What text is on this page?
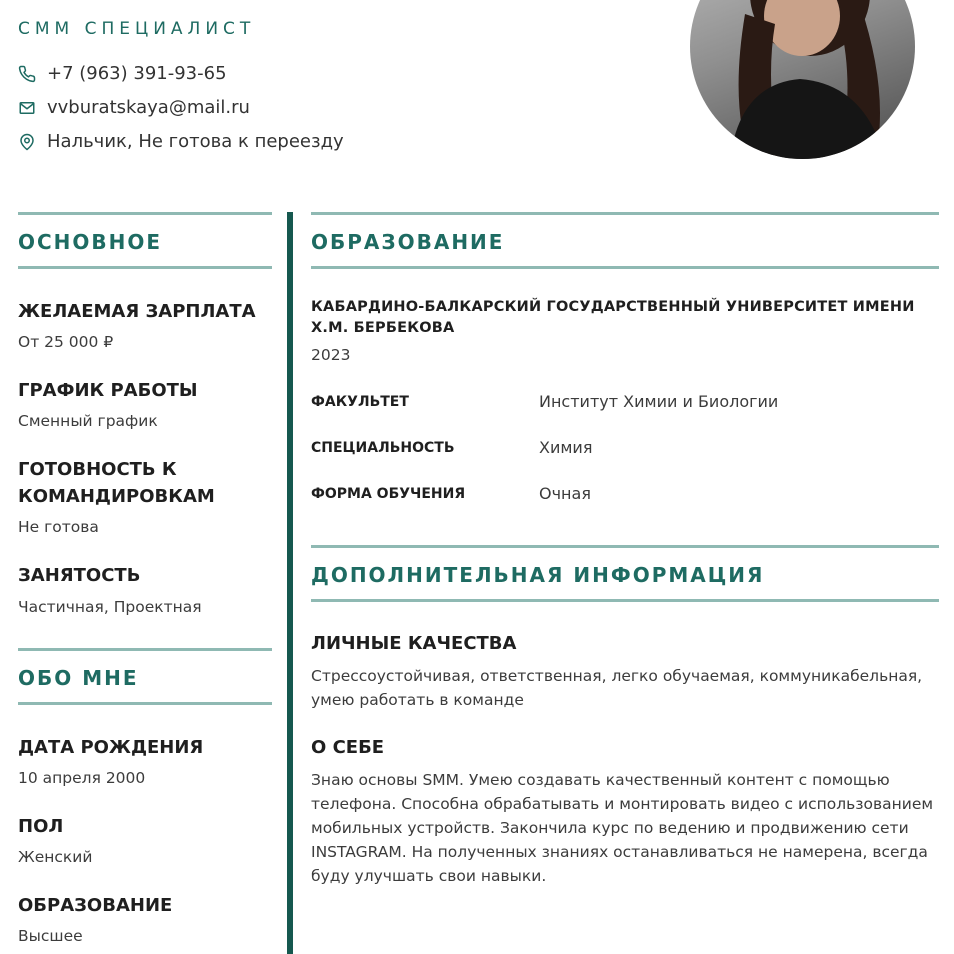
СММ СПЕЦИАЛИСТ
+7 (963) 391-93-65
vvburatskaya@mail.ru
Нальчик, Не готова к переезду
ОСНОВНОЕ
ЖЕЛАЕМАЯ ЗАРПЛАТА
От 25 000 ₽
ГРАФИК РАБОТЫ
Сменный график
ГОТОВНОСТЬ К
КОМАНДИРОВКАМ
Не готова
ЗАНЯТОСТЬ
Частичная, Проектная
ОБО МНЕ
ДАТА РОЖДЕНИЯ
10 апреля 2000
ПОЛ
Женский
ОБРАЗОВАНИЕ
Высшее
ОБРАЗОВАНИЕ
КАБАРДИНО-БАЛКАРСКИЙ ГОСУДАРСТВЕННЫЙ УНИВЕРСИТЕТ ИМЕНИ Х.М. БЕРБЕКОВА
2023
ФАКУЛЬТЕТ	Институт Химии и Биологии
СПЕЦИАЛЬНОСТЬ	Химия
ФОРМА ОБУЧЕНИЯ	Очная
ДОПОЛНИТЕЛЬНАЯ ИНФОРМАЦИЯ
ЛИЧНЫЕ КАЧЕСТВА
Стрессоустойчивая, ответственная, легко обучаемая, коммуникабельная, умею работать в команде
О СЕБЕ
Знаю основы SMM. Умею создавать качественный контент с помощью телефона. Способна обрабатывать и монтировать видео с использованием мобильных устройств. Закончила курс по ведению и продвижению сети INSTAGRAM. На полученных знаниях останавливаться не намерена, всегда буду улучшать свои навыки.
